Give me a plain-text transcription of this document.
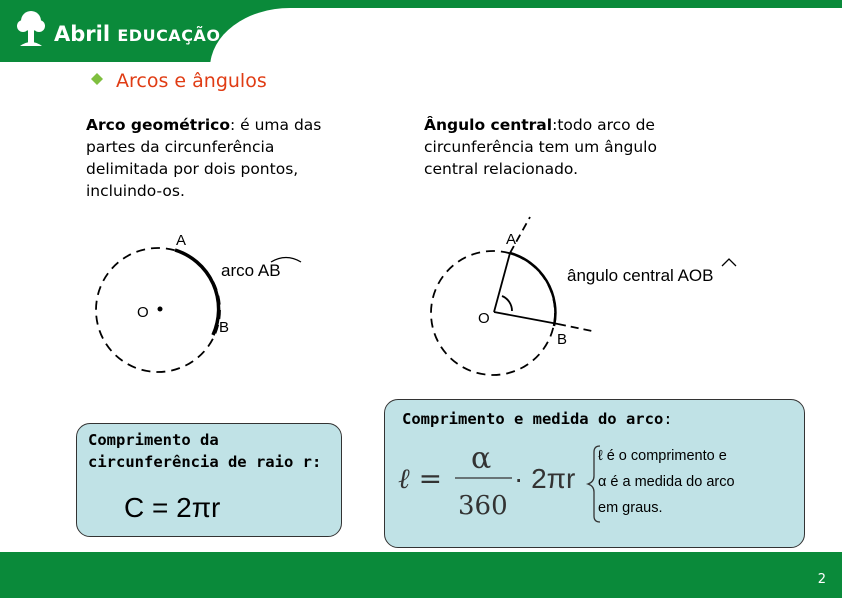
Abril EDUCAÇÃO
Arcos e ângulos
Arco geométrico: é uma das partes da circunferência delimitada por dois pontos, incluindo-os.
Ângulo central:todo arco de circunferência tem um ângulo central relacionado.
A
B
O
arco AB
A
B
O
ângulo central AOB
Comprimento da circunferência de raio r:
C = 2πr
Comprimento e medida do arco:
ℓ =
α
360
· 2πr
ℓ é o comprimento e
α é a medida do arco
em graus.
2
